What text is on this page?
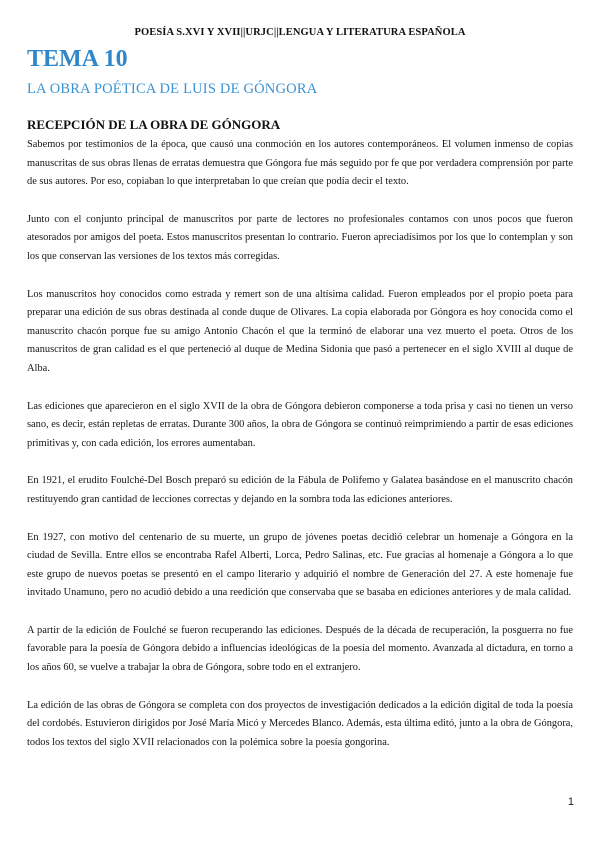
POESÍA S.XVI Y XVII||URJC||LENGUA Y LITERATURA ESPAÑOLA
TEMA 10
LA OBRA POÉTICA DE LUIS DE GÓNGORA
RECEPCIÓN DE LA OBRA DE GÓNGORA

Sabemos por testimonios de la época, que causó una conmoción en los autores contemporáneos. El volumen inmenso de copias manuscritas de sus obras llenas de erratas demuestra que Góngora fue más seguido por fe que por verdadera comprensión por parte de sus autores. Por eso, copiaban lo que interpretaban lo que creían que podía decir el texto.

Junto con el conjunto principal de manuscritos por parte de lectores no profesionales contamos con unos pocos que fueron atesorados por amigos del poeta. Estos manuscritos presentan lo contrario. Fueron apreciadísimos por los que lo contemplan y son los que conservan las versiones de los textos más corregidas.

Los manuscritos hoy conocidos como estrada y remert son de una altísima calidad. Fueron empleados por el propio poeta para preparar una edición de sus obras destinada al conde duque de Olivares. La copia elaborada por Góngora es hoy conocida como el manuscrito chacón porque fue su amigo Antonio Chacón el que la terminó de elaborar una vez muerto el poeta. Otros de los manuscritos de gran calidad es el que perteneció al duque de Medina Sidonia que pasó a pertenecer en el siglo XVIII al duque de Alba.

Las ediciones que aparecieron en el siglo XVII de la obra de Góngora debieron componerse a toda prisa y casi no tienen un verso sano, es decir, están repletas de erratas. Durante 300 años, la obra de Góngora se continuó reimprimiendo a partir de esas ediciones primitivas y, con cada edición, los errores aumentaban.

En 1921, el erudito Foulché-Del Bosch preparó su edición de la Fábula de Polifemo y Galatea basándose en el manuscrito chacón restituyendo gran cantidad de lecciones correctas y dejando en la sombra toda las ediciones anteriores.

En 1927, con motivo del centenario de su muerte, un grupo de jóvenes poetas decidió celebrar un homenaje a Góngora en la ciudad de Sevilla. Entre ellos se encontraba Rafel Alberti, Lorca, Pedro Salinas, etc. Fue gracias al homenaje a Góngora a lo que este grupo de nuevos poetas se presentó en el campo literario y adquirió el nombre de Generación del 27. A este homenaje fue invitado Unamuno, pero no acudió debido a una reedición que conservaba que se basaba en ediciones anteriores y de mala calidad.

A partir de la edición de Foulché se fueron recuperando las ediciones. Después de la década de recuperación, la posguerra no fue favorable para la poesía de Góngora debido a influencias ideológicas de la poesía del momento. Avanzada al dictadura, en torno a los años 60, se vuelve a trabajar la obra de Góngora, sobre todo en el extranjero.

La edición de las obras de Góngora se completa con dos proyectos de investigación dedicados a la edición digital de toda la poesía del cordobés. Estuvieron dirigidos por José María Micó y Mercedes Blanco. Además, esta última editó, junto a la obra de Góngora, todos los textos del siglo XVII relacionados con la polémica sobre la poesía gongorina.

1
